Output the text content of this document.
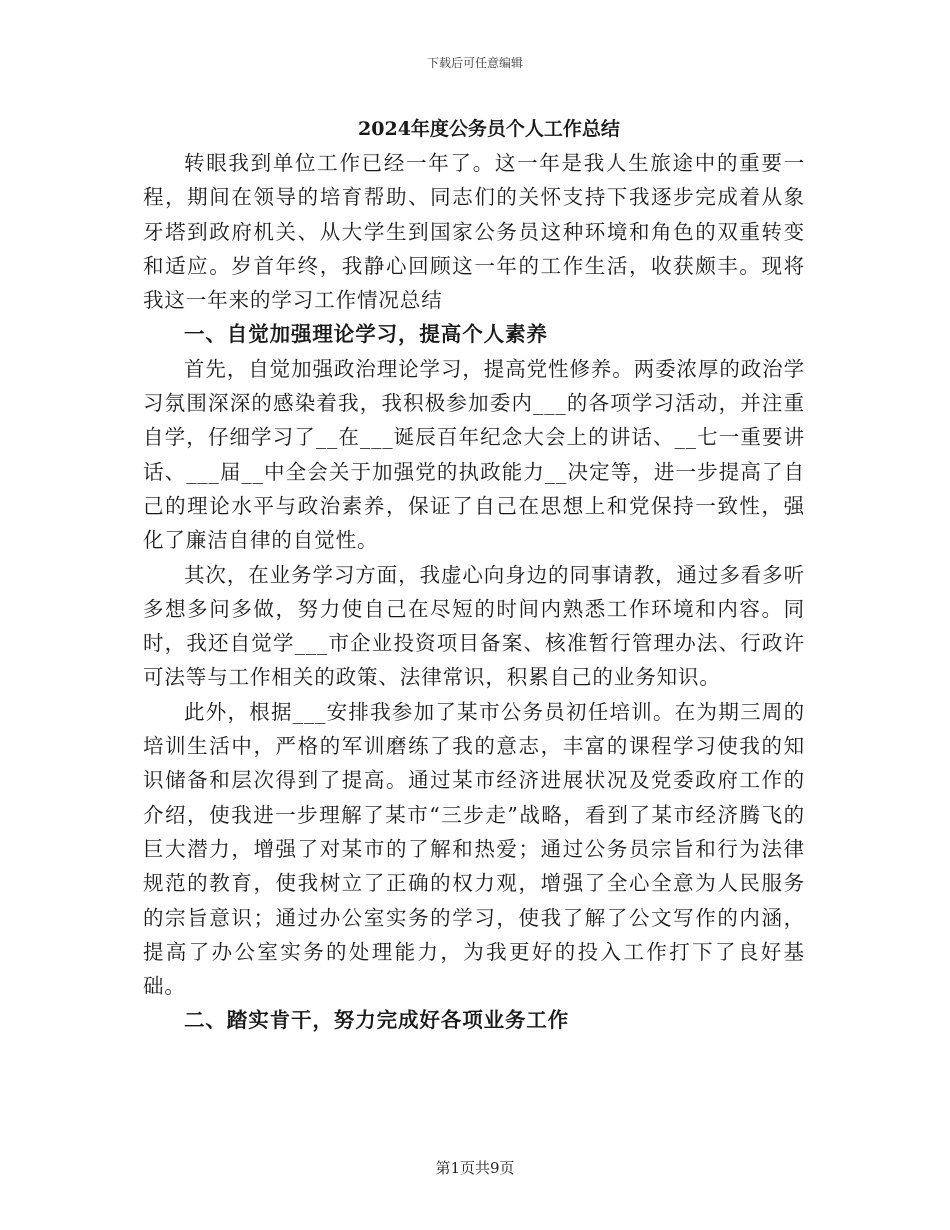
下载后可任意编辑
2024年度公务员个人工作总结

转眼我到单位工作已经一年了。这一年是我人生旅途中的重要一程，期间在领导的培育帮助、同志们的关怀支持下我逐步完成着从象牙塔到政府机关、从大学生到国家公务员这种环境和角色的双重转变和适应。岁首年终，我静心回顾这一年的工作生活，收获颇丰。现将我这一年来的学习工作情况总结

一、自觉加强理论学习，提高个人素养

首先，自觉加强政治理论学习，提高党性修养。两委浓厚的政治学习氛围深深的感染着我，我积极参加委内___的各项学习活动，并注重自学，仔细学习了__在___诞辰百年纪念大会上的讲话、__七一重要讲话、___届__中全会关于加强党的执政能力__决定等，进一步提高了自己的理论水平与政治素养，保证了自己在思想上和党保持一致性，强化了廉洁自律的自觉性。

其次，在业务学习方面，我虚心向身边的同事请教，通过多看多听多想多问多做，努力使自己在尽短的时间内熟悉工作环境和内容。同时，我还自觉学___市企业投资项目备案、核准暂行管理办法、行政许可法等与工作相关的政策、法律常识，积累自己的业务知识。

此外，根据___安排我参加了某市公务员初任培训。在为期三周的培训生活中，严格的军训磨练了我的意志，丰富的课程学习使我的知识储备和层次得到了提高。通过某市经济进展状况及党委政府工作的介绍，使我进一步理解了某市“三步走”战略，看到了某市经济腾飞的巨大潜力，增强了对某市的了解和热爱；通过公务员宗旨和行为法律规范的教育，使我树立了正确的权力观，增强了全心全意为人民服务的宗旨意识；通过办公室实务的学习，使我了解了公文写作的内涵，提高了办公室实务的处理能力，为我更好的投入工作打下了良好基础。

二、踏实肯干，努力完成好各项业务工作

第1页共9页
